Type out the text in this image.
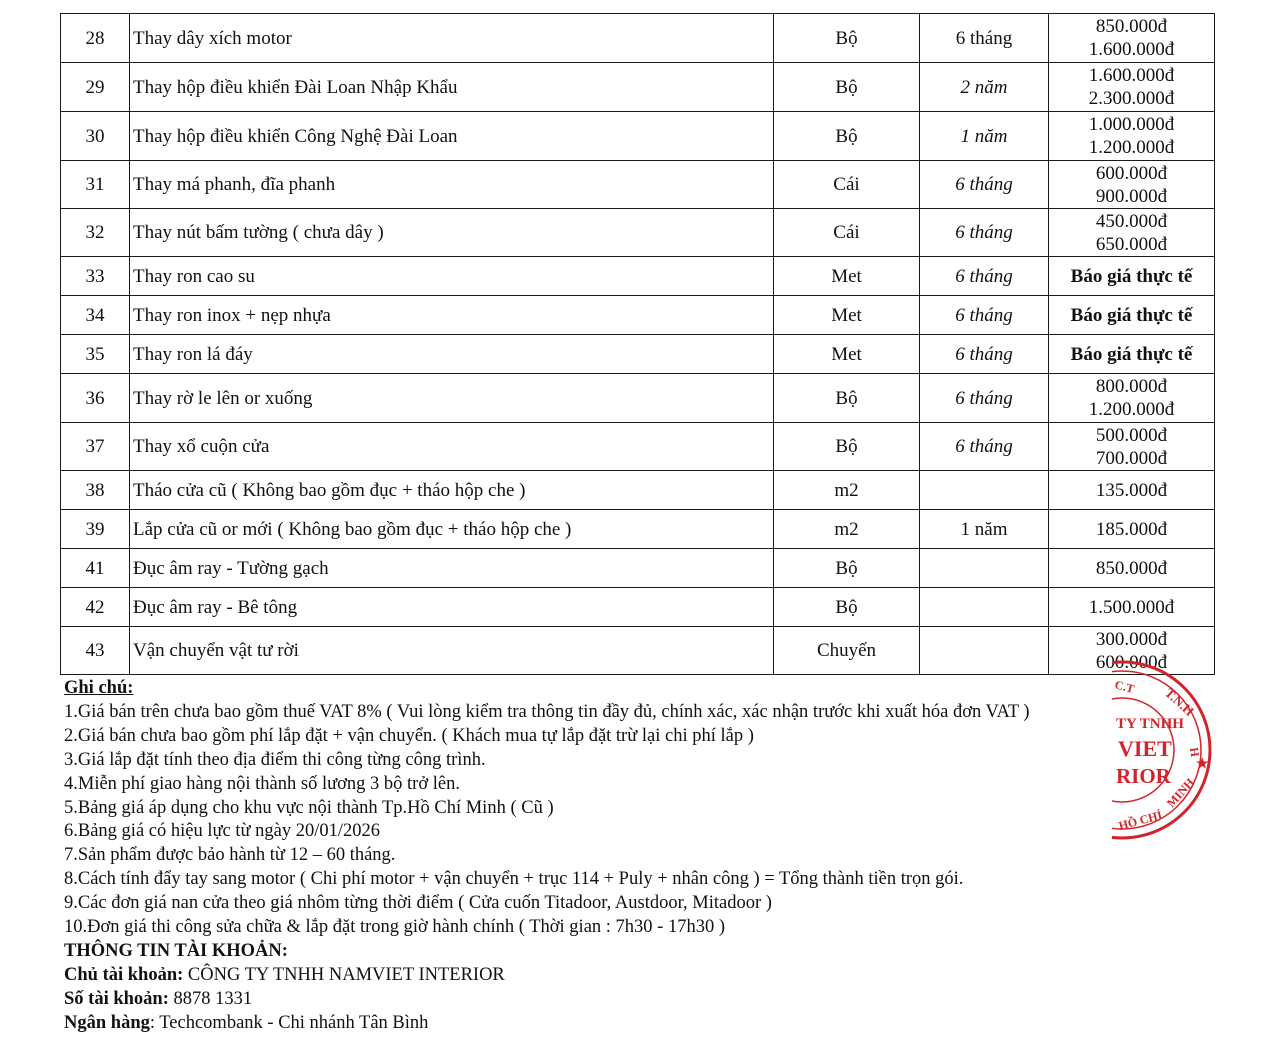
28	Thay dây xích motor	Bộ	6 tháng	850.000đ
1.600.000đ

29	Thay hộp điều khiển Đài Loan Nhập Khẩu	Bộ	2 năm	1.600.000đ
2.300.000đ

30	Thay hộp điều khiển Công Nghệ Đài Loan	Bộ	1 năm	1.000.000đ
1.200.000đ

31	Thay má phanh, đĩa phanh	Cái	6 tháng	600.000đ
900.000đ

32	Thay nút bấm tường ( chưa dây )	Cái	6 tháng	450.000đ
650.000đ

33	Thay ron cao su	Met	6 tháng	Báo giá thực tế

34	Thay ron inox + nẹp nhựa	Met	6 tháng	Báo giá thực tế

35	Thay ron lá đáy	Met	6 tháng	Báo giá thực tế

36	Thay rờ le lên or xuống	Bộ	6 tháng	800.000đ
1.200.000đ

37	Thay xổ cuộn cửa	Bộ	6 tháng	500.000đ
700.000đ

38	Tháo cửa cũ ( Không bao gồm đục + tháo hộp che )	m2		135.000đ

39	Lắp cửa cũ or mới ( Không bao gồm đục + tháo hộp che )	m2	1 năm	185.000đ

41	Đục âm ray - Tường gạch	Bộ		850.000đ

42	Đục âm ray - Bê tông	Bộ		1.500.000đ

43	Vận chuyển vật tư rời	Chuyến		300.000đ
600.000đ
Ghi chú:
1.Giá bán trên chưa bao gồm thuế VAT 8% ( Vui lòng kiểm tra thông tin đầy đủ, chính xác, xác nhận trước khi xuất hóa đơn VAT )
2.Giá bán chưa bao gồm phí lắp đặt + vận chuyển. ( Khách mua tự lắp đặt trừ lại chi phí lắp )
3.Giá lắp đặt tính theo địa điểm thi công từng công trình.
4.Miễn phí giao hàng nội thành số lương 3 bộ trở lên.
5.Bảng giá áp dụng cho khu vực nội thành Tp.Hồ Chí Minh ( Cũ )
6.Bảng giá có hiệu lực từ ngày 20/01/2026
7.Sản phẩm được bảo hành từ 12 – 60 tháng.
8.Cách tính đẩy tay sang motor ( Chi phí motor + vận chuyển + trục 114 + Puly + nhân công ) = Tổng thành tiền trọn gói.
9.Các đơn giá nan cửa theo giá nhôm từng thời điểm ( Cửa cuốn Titadoor, Austdoor, Mitadoor )
10.Đơn giá thi công sửa chữa & lắp đặt trong giờ hành chính ( Thời gian : 7h30 - 17h30 )
THÔNG TIN TÀI KHOẢN:
Chủ tài khoản: CÔNG TY TNHH NAMVIET INTERIOR
Số tài khoản: 8878 1331
Ngân hàng: Techcombank - Chi nhánh Tân Bình
T.N.H
H
MINH
HỒ CHÍ
C.T
TY TNHH
VIET
RIOR ★
